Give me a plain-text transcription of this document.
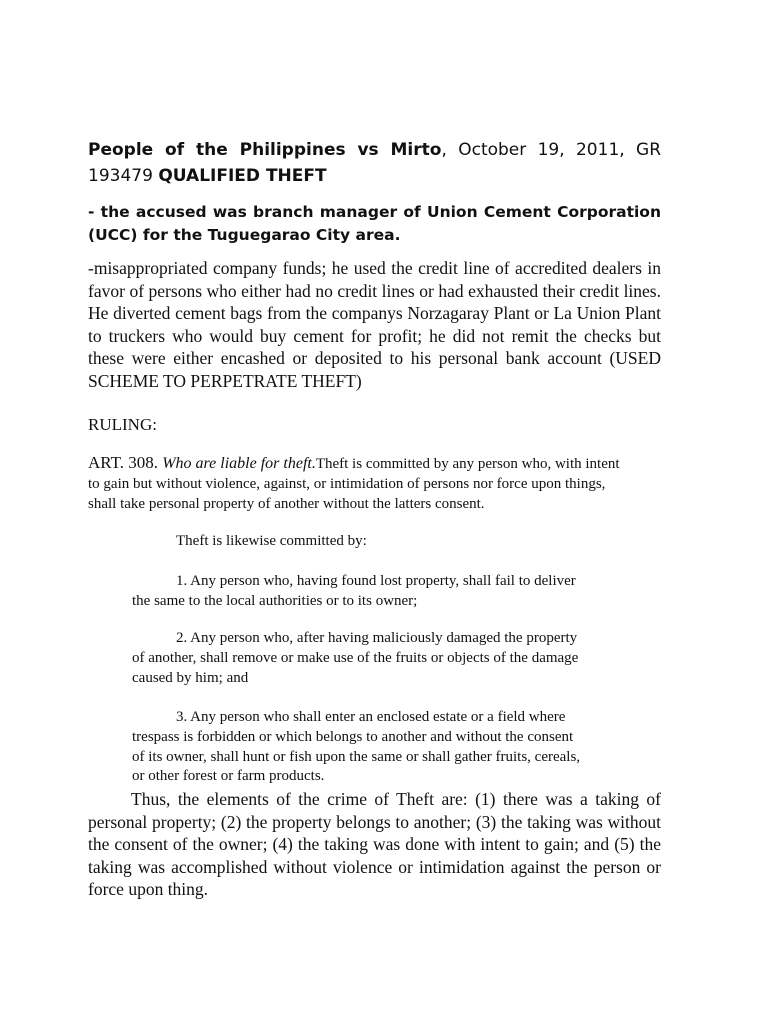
People of the Philippines vs Mirto, October 19, 2011, GR 193479 QUALIFIED THEFT

- the accused was branch manager of Union Cement Corporation (UCC) for the Tuguegarao City area.

-misappropriated company funds; he used the credit line of accredited dealers in favor of persons who either had no credit lines or had exhausted their credit lines. He diverted cement bags from the companys Norzagaray Plant or La Union Plant to truckers who would buy cement for profit; he did not remit the checks but these were either encashed or deposited to his personal bank account (USED SCHEME TO PERPETRATE THEFT)

RULING:

ART. 308. Who are liable for theft.Theft is committed by any person who, with intent to gain but without violence, against, or intimidation of persons nor force upon things, shall take personal property of another without the latters consent.

Theft is likewise committed by:

1. Any person who, having found lost property, shall fail to deliver

the same to the local authorities or to its owner;

2. Any person who, after having maliciously damaged the property

of another, shall remove or make use of the fruits or objects of the damage

caused by him; and

3. Any person who shall enter an enclosed estate or a field where

trespass is forbidden or which belongs to another and without the consent

of its owner, shall hunt or fish upon the same or shall gather fruits, cereals,

or other forest or farm products.

Thus, the elements of the crime of Theft are: (1) there was a taking of personal property; (2) the property belongs to another; (3) the taking was without the consent of the owner; (4) the taking was done with intent to gain; and (5) the taking was accomplished without violence or intimidation against the person or force upon thing.
